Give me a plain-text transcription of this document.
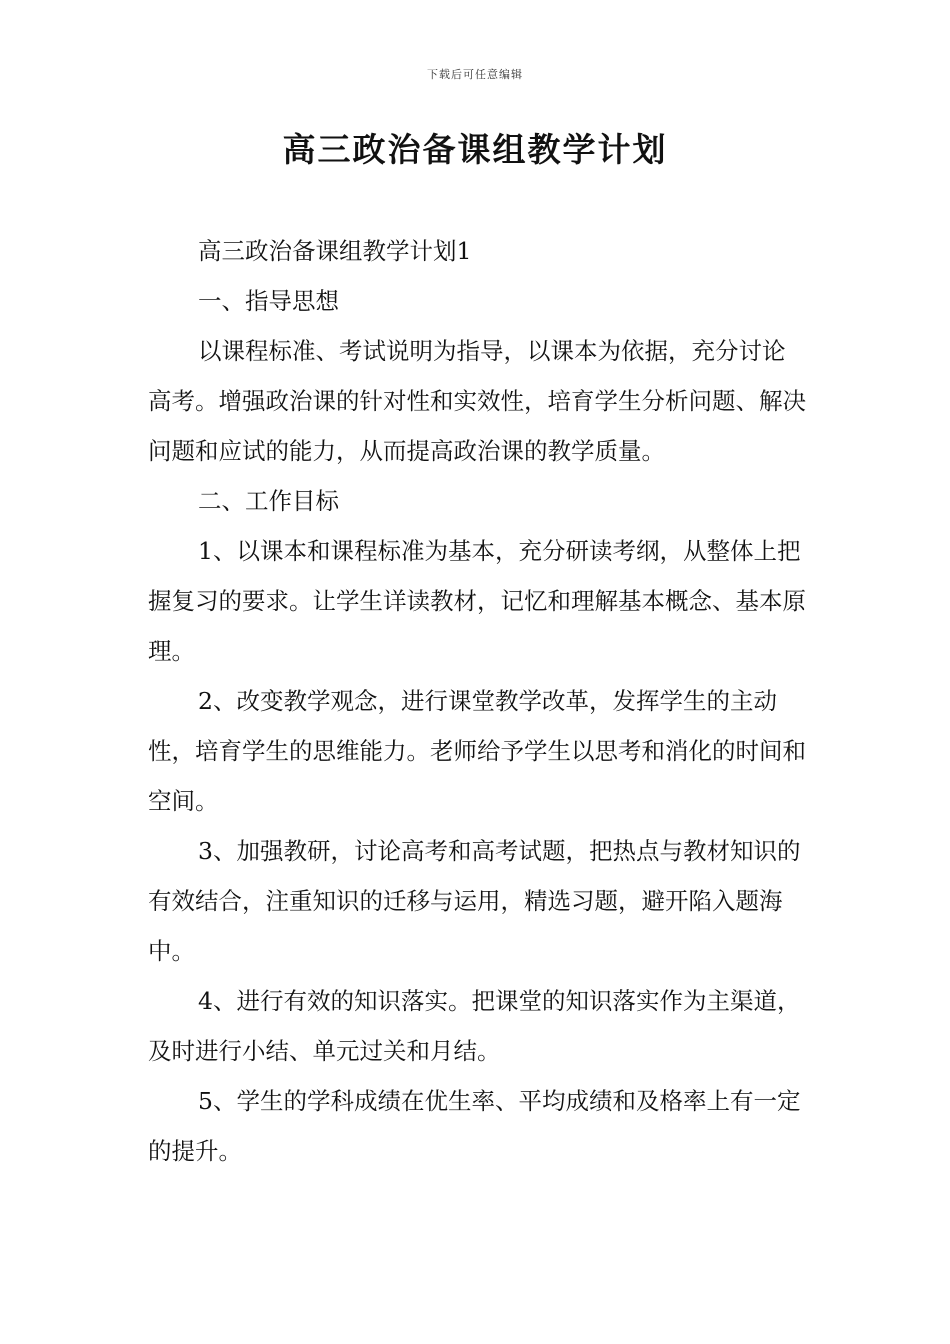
下载后可任意编辑
高三政治备课组教学计划

高三政治备课组教学计划1

一、指导思想

以课程标准、考试说明为指导，以课本为依据，充分讨论高考。增强政治课的针对性和实效性，培育学生分析问题、解决问题和应试的能力，从而提高政治课的教学质量。

二、工作目标

1、以课本和课程标准为基本，充分研读考纲，从整体上把握复习的要求。让学生详读教材，记忆和理解基本概念、基本原理。

2、改变教学观念，进行课堂教学改革，发挥学生的主动性，培育学生的思维能力。老师给予学生以思考和消化的时间和空间。

3、加强教研，讨论高考和高考试题，把热点与教材知识的有效结合，注重知识的迁移与运用，精选习题，避开陷入题海中。

4、进行有效的知识落实。把课堂的知识落实作为主渠道，及时进行小结、单元过关和月结。

5、学生的学科成绩在优生率、平均成绩和及格率上有一定的提升。
